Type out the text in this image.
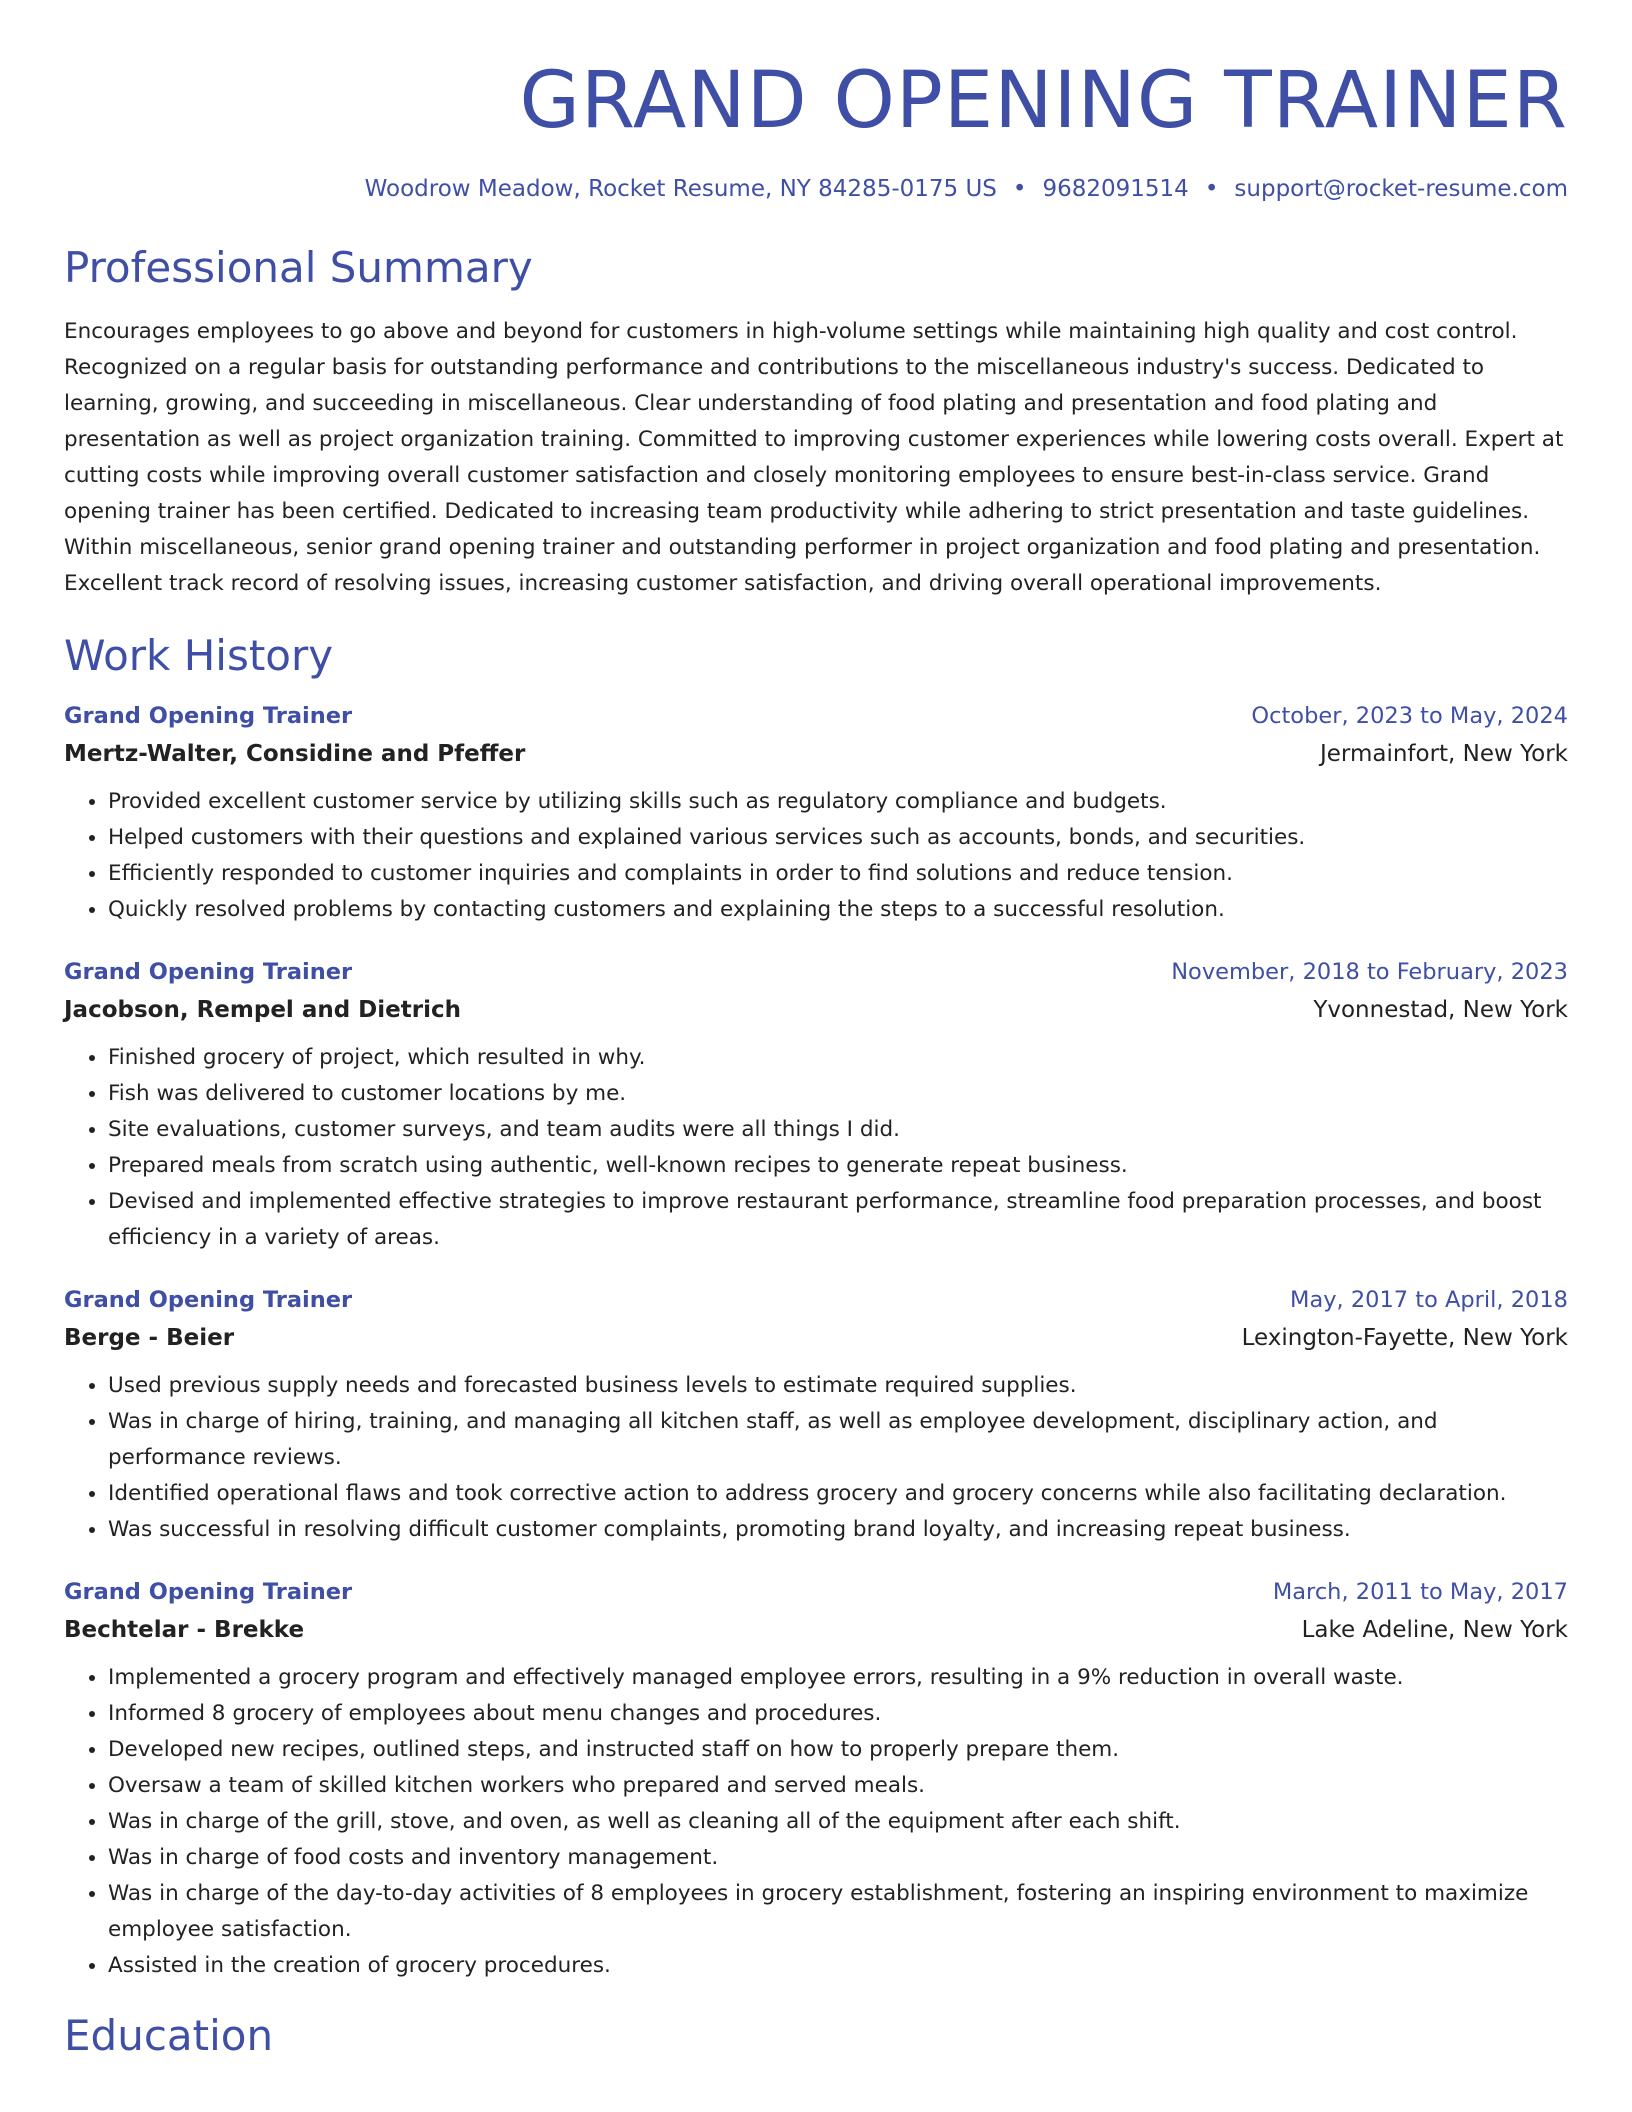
GRAND OPENING TRAINER
Woodrow Meadow, Rocket Resume, NY 84285-0175 US • 9682091514 • support@rocket-resume.com
Professional Summary
Encourages employees to go above and beyond for customers in high-volume settings while maintaining high quality and cost control. Recognized on a regular basis for outstanding performance and contributions to the miscellaneous industry's success. Dedicated to learning, growing, and succeeding in miscellaneous. Clear understanding of food plating and presentation and food plating and presentation as well as project organization training. Committed to improving customer experiences while lowering costs overall. Expert at cutting costs while improving overall customer satisfaction and closely monitoring employees to ensure best-in-class service. Grand opening trainer has been certified. Dedicated to increasing team productivity while adhering to strict presentation and taste guidelines. Within miscellaneous, senior grand opening trainer and outstanding performer in project organization and food plating and presentation. Excellent track record of resolving issues, increasing customer satisfaction, and driving overall operational improvements.
Work History
Grand Opening Trainer	October, 2023 to May, 2024
Mertz-Walter, Considine and Pfeffer	Jermainfort, New York
• Provided excellent customer service by utilizing skills such as regulatory compliance and budgets.
• Helped customers with their questions and explained various services such as accounts, bonds, and securities.
• Efficiently responded to customer inquiries and complaints in order to find solutions and reduce tension.
• Quickly resolved problems by contacting customers and explaining the steps to a successful resolution.
Grand Opening Trainer	November, 2018 to February, 2023
Jacobson, Rempel and Dietrich	Yvonnestad, New York
• Finished grocery of project, which resulted in why.
• Fish was delivered to customer locations by me.
• Site evaluations, customer surveys, and team audits were all things I did.
• Prepared meals from scratch using authentic, well-known recipes to generate repeat business.
• Devised and implemented effective strategies to improve restaurant performance, streamline food preparation processes, and boost efficiency in a variety of areas.
Grand Opening Trainer	May, 2017 to April, 2018
Berge - Beier	Lexington-Fayette, New York
• Used previous supply needs and forecasted business levels to estimate required supplies.
• Was in charge of hiring, training, and managing all kitchen staff, as well as employee development, disciplinary action, and performance reviews.
• Identified operational flaws and took corrective action to address grocery and grocery concerns while also facilitating declaration.
• Was successful in resolving difficult customer complaints, promoting brand loyalty, and increasing repeat business.
Grand Opening Trainer	March, 2011 to May, 2017
Bechtelar - Brekke	Lake Adeline, New York
• Implemented a grocery program and effectively managed employee errors, resulting in a 9% reduction in overall waste.
• Informed 8 grocery of employees about menu changes and procedures.
• Developed new recipes, outlined steps, and instructed staff on how to properly prepare them.
• Oversaw a team of skilled kitchen workers who prepared and served meals.
• Was in charge of the grill, stove, and oven, as well as cleaning all of the equipment after each shift.
• Was in charge of food costs and inventory management.
• Was in charge of the day-to-day activities of 8 employees in grocery establishment, fostering an inspiring environment to maximize employee satisfaction.
• Assisted in the creation of grocery procedures.
Education
